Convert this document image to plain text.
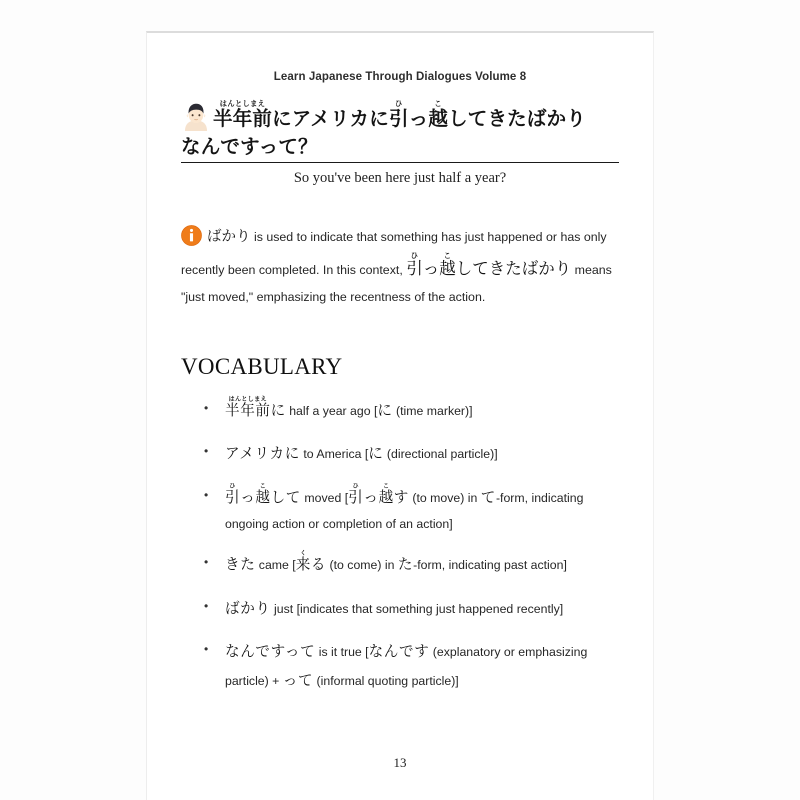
Learn Japanese Through Dialogues Volume 8
半年前はんとしまえにアメリカに引ひっ越こしてきたばかり
なんですって？
So you've been here just half a year?
ばかり is used to indicate that something has just happened or has only recently been completed. In this context, 引ひっ越こしてきたばかり means "just moved," emphasizing the recentness of the action.
VOCABULARY
• 半年前はんとしまえに half a year ago [に (time marker)]
• アメリカに to America [に (directional particle)]
• 引ひっ越こして moved [引ひっ越こす (to move) in て-form, indicating ongoing action or completion of an action]
• きた came [来くる (to come) in た-form, indicating past action]
• ばかり just [indicates that something just happened recently]
• なんですって is it true [なんです (explanatory or emphasizing particle) + って (informal quoting particle)]
13
